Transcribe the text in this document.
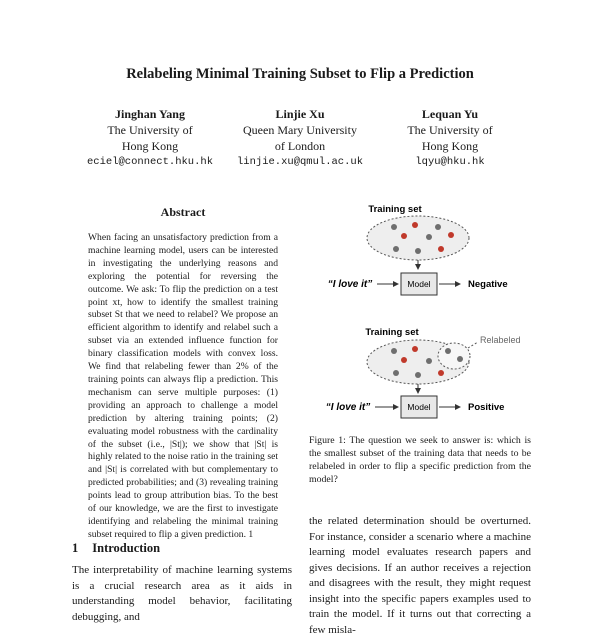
Relabeling Minimal Training Subset to Flip a Prediction
Jinghan Yang
The University of
Hong Kong
eciel@connect.hku.hk
Linjie Xu
Queen Mary University
of London
linjie.xu@qmul.ac.uk
Lequan Yu
The University of
Hong Kong
lqyu@hku.hk
Abstract
When facing an unsatisfactory prediction from a machine learning model, users can be interested in investigating the underlying reasons and exploring the potential for reversing the outcome. We ask: To flip the prediction on a test point xt, how to identify the smallest training subset St that we need to relabel? We propose an efficient algorithm to identify and relabel such a subset via an extended influence function for binary classification models with convex loss. We find that relabeling fewer than 2% of the training points can always flip a prediction. This mechanism can serve multiple purposes: (1) providing an approach to challenge a model prediction by altering training points; (2) evaluating model robustness with the cardinality of the subset (i.e., |St|); we show that |St| is highly related to the noise ratio in the training set and |St| is correlated with but complementary to predicted probabilities; and (3) revealing training points lead to group attribution bias. To the best of our knowledge, we are the first to investigate identifying and relabeling the minimal training subset required to flip a given prediction. 1
1 Introduction
The interpretability of machine learning systems is a crucial research area as it aids in understanding model behavior, facilitating debugging, and
Training set
“I love it”	Model	Negative
Training set
Relabeled
“I love it”	Model	Positive
Figure 1: The question we seek to answer is: which is the smallest subset of the training data that needs to be relabeled in order to flip a specific prediction from the model?
the related determination should be overturned. For instance, consider a scenario where a machine learning model evaluates research papers and gives decisions. If an author receives a rejection and disagrees with the result, they might request insight into the specific papers examples used to train the model. If it turns out that correcting a few misla-
